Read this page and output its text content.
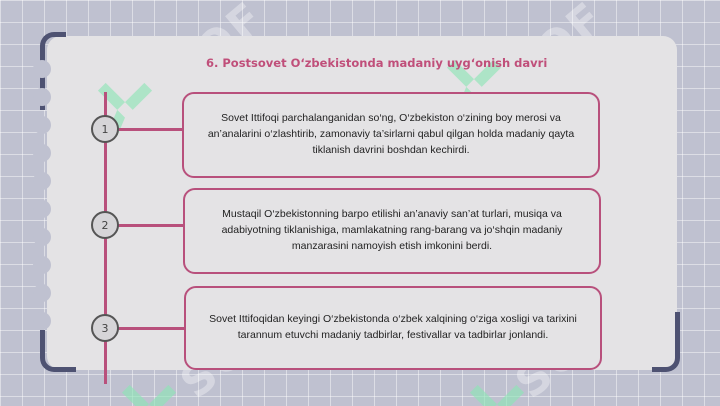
6. Postsovet O‘zbekistonda madaniy uyg‘onish davri
1
Sovet Ittifoqi parchalanganidan so‘ng, O‘zbekiston o‘zining boy merosi va an’analarini o‘zlashtirib, zamonaviy ta’sirlarni qabul qilgan holda madaniy qayta tiklanish davrini boshdan kechirdi.
2
Mustaqil O‘zbekistonning barpo etilishi an’anaviy san’at turlari, musiqa va adabiyotning tiklanishiga, mamlakatning rang-barang va jo‘shqin madaniy manzarasini namoyish etish imkonini berdi.
3
Sovet Ittifoqidan keyingi O‘zbekistonda o‘zbek xalqining o‘ziga xosligi va tarixini tarannum etuvchi madaniy tadbirlar, festivallar va tadbirlar jonlandi.
